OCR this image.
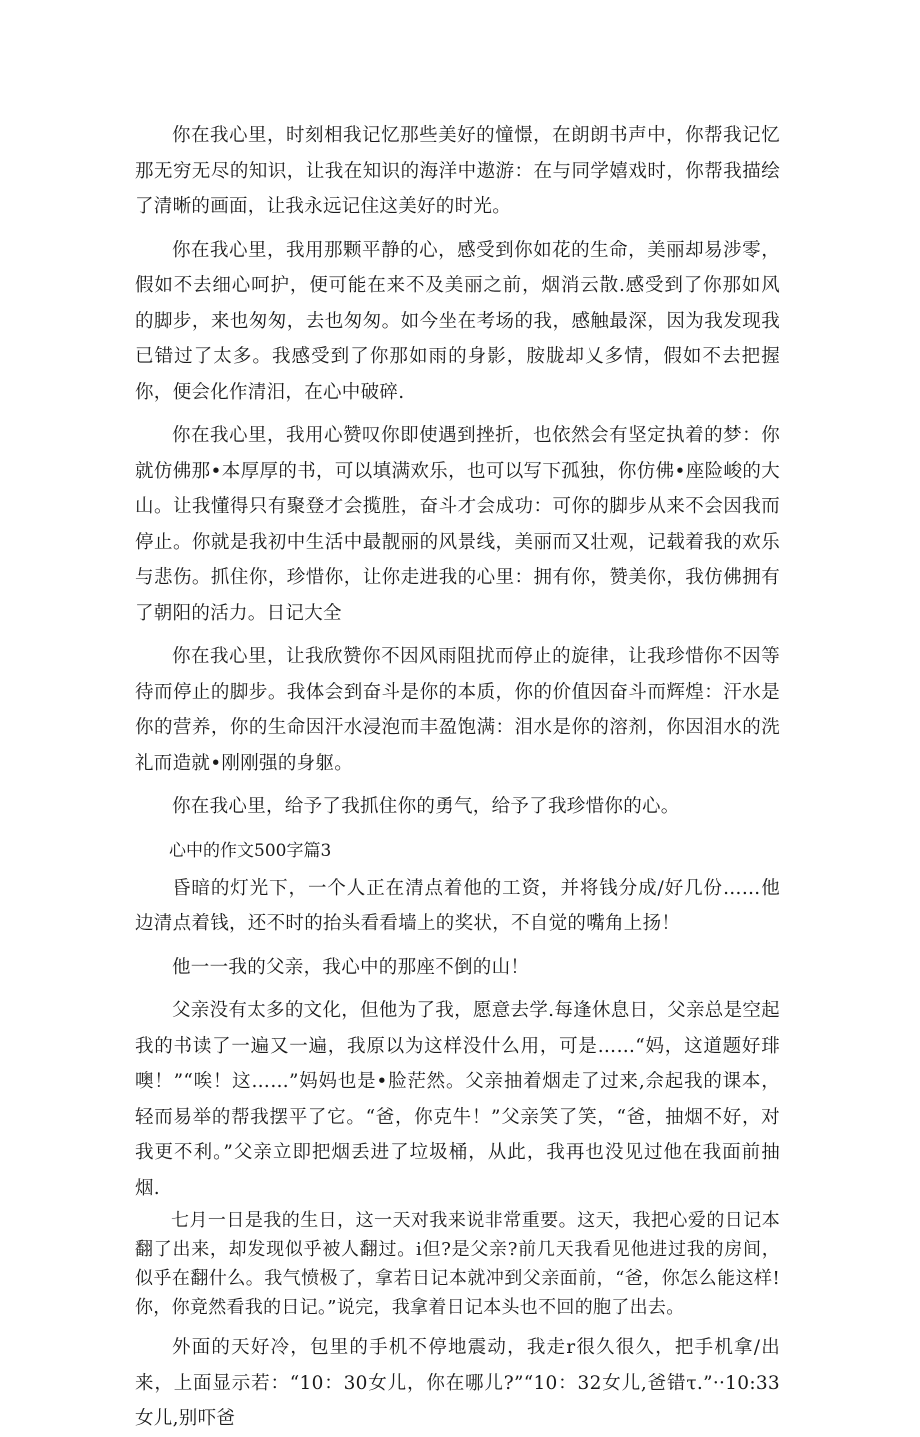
你在我心里，时刻相我记忆那些美好的憧憬，在朗朗书声中，你帮我记忆那无穷无尽的知识，让我在知识的海洋中遨游：在与同学嬉戏时，你帮我描绘了清晰的画面，让我永远记住这美好的时光。

你在我心里，我用那颗平静的心，感受到你如花的生命，美丽却易涉零，假如不去细心呵护，便可能在来不及美丽之前，烟消云散.感受到了你那如风的脚步，来也匆匆，去也匆匆。如今坐在考场的我，感触最深，因为我发现我已错过了太多。我感受到了你那如雨的身影，胺胧却乂多情，假如不去把握你，便会化作清汨，在心中破碎.

你在我心里，我用心赞叹你即使遇到挫折，也依然会有坚定执着的梦：你就仿佛那•本厚厚的书，可以填满欢乐，也可以写下孤独，你仿佛•座险峻的大山。让我懂得只有聚登才会揽胜，奋斗才会成功：可你的脚步从来不会因我而停止。你就是我初中生活中最靓丽的风景线，美丽而又壮观，记载着我的欢乐与悲伤。抓住你，珍惜你，让你走进我的心里：拥有你，赞美你，我仿佛拥有了朝阳的活力。日记大全

你在我心里，让我欣赞你不因风雨阻扰而停止的旋律，让我珍惜你不因等待而停止的脚步。我体会到奋斗是你的本质，你的价值因奋斗而辉煌：汗水是你的营养，你的生命因汗水浸泡而丰盈饱满：泪水是你的溶剂，你因泪水的洗礼而造就•刚刚强的身躯。

你在我心里，给予了我抓住你的勇气，给予了我珍惜你的心。

心中的作文500字篇3

昏暗的灯光下，一个人正在清点着他的工资，并将钱分成/好几份……他边清点着钱，还不时的抬头看看墙上的奖状，不自觉的嘴角上扬！

他一一我的父亲，我心中的那座不倒的山！

父亲没有太多的文化，但他为了我，愿意去学.每逢休息日，父亲总是空起我的书读了一遍又一遍，我原以为这样没什么用，可是……“妈，这道题好琲噢！”“唉！这……”妈妈也是•脸茫然。父亲抽着烟走了过来,佘起我的课本，轻而易举的帮我摆平了它。“爸，你克牛！”父亲笑了笑，“爸，抽烟不好，对我更不利。”父亲立即把烟丢进了垃圾桶，从此，我再也没见过他在我面前抽烟.

七月一日是我的生日，这一天对我来说非常重要。这天，我把心爱的日记本翻了出来，却发现似乎被人翻过。i但?是父亲?前几天我看见他进过我的房间，似乎在翻什么。我气愤极了，拿若日记本就冲到父亲面前，“爸，你怎么能这样!你，你竟然看我的日记。”说完，我拿着日记本头也不回的胞了出去。

外面的天好冷，包里的手机不停地震动，我走r很久很久，把手机拿/出来，上面显示若：“10：30女儿，你在哪儿?”“10：32女儿,爸错τ.”··10:33女儿,别吓爸
